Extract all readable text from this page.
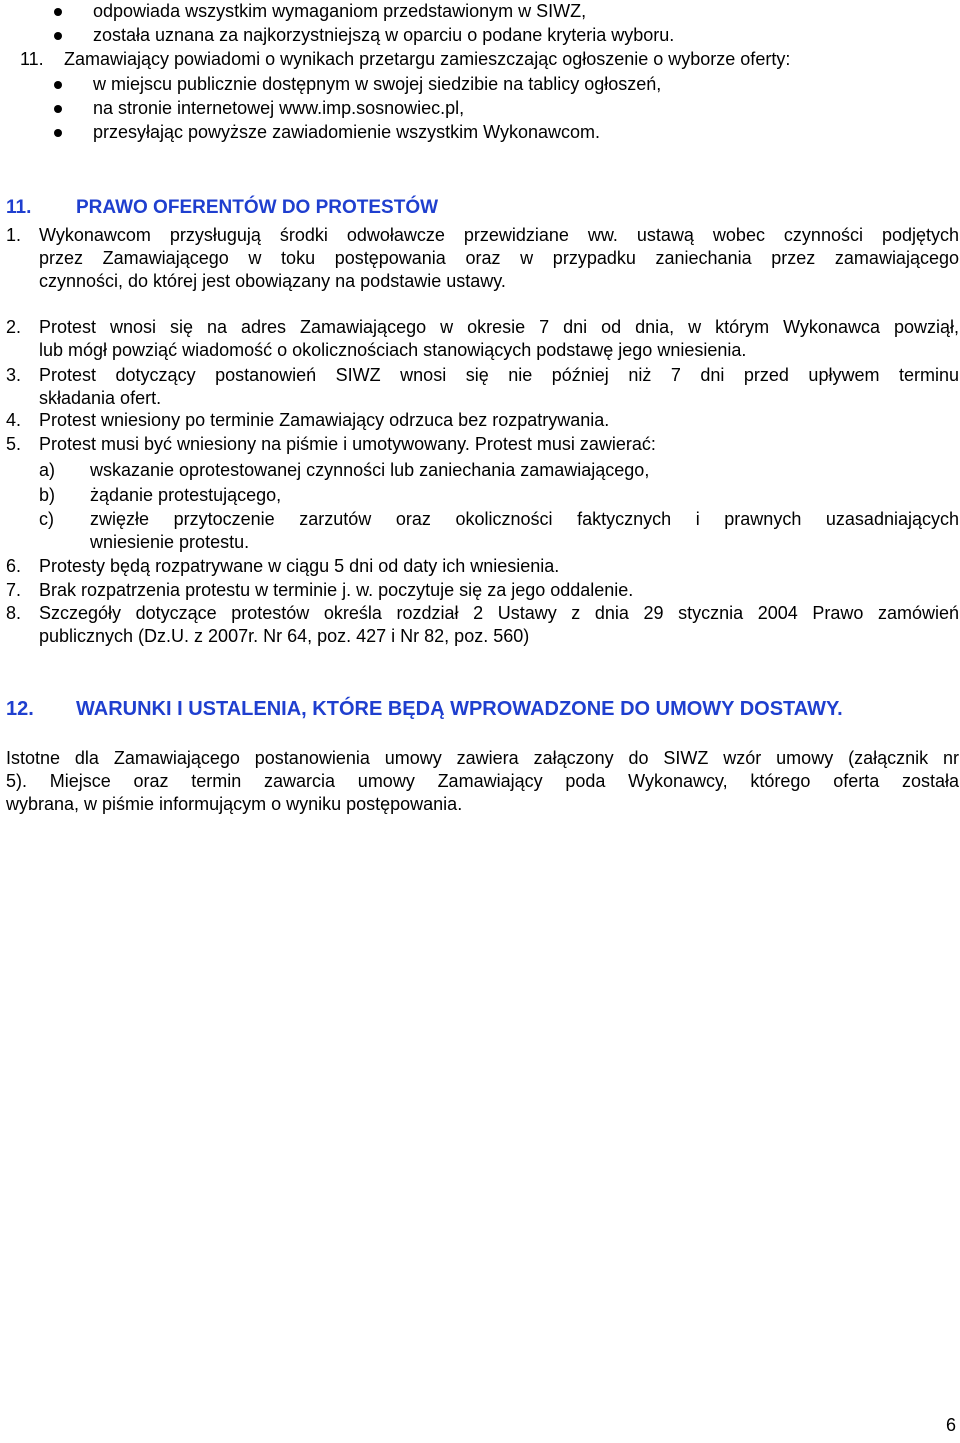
odpowiada wszystkim wymaganiom przedstawionym w SIWZ,
została uznana za najkorzystniejszą w oparciu o podane kryteria wyboru.
11. Zamawiający powiadomi o wynikach przetargu zamieszczając ogłoszenie o wyborze oferty:
w miejscu publicznie dostępnym w swojej siedzibie na tablicy ogłoszeń,
na stronie internetowej www.imp.sosnowiec.pl,
przesyłając powyższe zawiadomienie wszystkim Wykonawcom.
11. PRAWO OFERENTÓW DO PROTESTÓW
1. Wykonawcom przysługują środki odwoławcze przewidziane ww. ustawą wobec czynności podjętych
przez Zamawiającego w toku postępowania oraz w przypadku zaniechania przez zamawiającego
czynności, do której jest obowiązany na podstawie ustawy.
2. Protest wnosi się na adres Zamawiającego w okresie 7 dni od dnia, w którym Wykonawca powziął,
lub mógł powziąć wiadomość o okolicznościach stanowiących podstawę jego wniesienia.
3. Protest dotyczący postanowień SIWZ wnosi się nie później niż 7 dni przed upływem terminu
składania ofert.
4. Protest wniesiony po terminie Zamawiający odrzuca bez rozpatrywania.
5. Protest musi być wniesiony na piśmie i umotywowany. Protest musi zawierać:
a) wskazanie oprotestowanej czynności lub zaniechania zamawiającego,
b) żądanie protestującego,
c) zwięzłe przytoczenie zarzutów oraz okoliczności faktycznych i prawnych uzasadniających
wniesienie protestu.
6. Protesty będą rozpatrywane w ciągu 5 dni od daty ich wniesienia.
7. Brak rozpatrzenia protestu w terminie j. w. poczytuje się za jego oddalenie.
8. Szczegóły dotyczące protestów określa rozdział 2 Ustawy z dnia 29 stycznia 2004 Prawo zamówień
publicznych (Dz.U. z 2007r. Nr 64, poz. 427 i Nr 82, poz. 560)
12. WARUNKI I USTALENIA, KTÓRE BĘDĄ WPROWADZONE DO UMOWY DOSTAWY.
Istotne dla Zamawiającego postanowienia umowy zawiera załączony do SIWZ wzór umowy (załącznik nr
5). Miejsce oraz termin zawarcia umowy Zamawiający poda Wykonawcy, którego oferta została
wybrana, w piśmie informującym o wyniku postępowania.
6
